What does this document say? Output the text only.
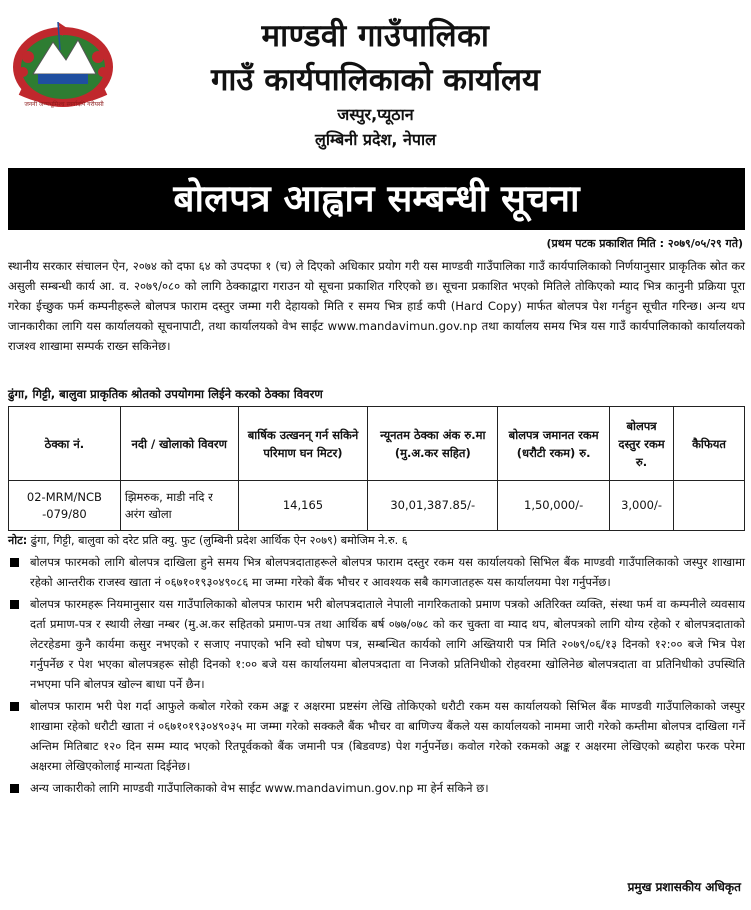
जननी जन्मभूमिश्च स्वर्गादपि गरीयसी
माण्डवी गाउँपालिका
गाउँ कार्यपालिकाको कार्यालय
जस्पुर,प्यूठान
लुम्बिनी प्रदेश, नेपाल
बोलपत्र आह्वान सम्बन्धी सूचना
(प्रथम पटक प्रकाशित मिति : २०७९/०५/२९ गते)

स्थानीय सरकार संचालन ऐन, २०७४ को दफा ६४ को उपदफा १ (च) ले दिएको अधिकार प्रयोग गरी यस माण्डवी गाउँपालिका गाउँ कार्यपालिकाको निर्णयानुसार प्राकृतिक स्रोत कर असुली सम्बन्धी कार्य आ. व. २०७९/०८० को लागि ठेक्काद्वारा गराउन यो सूचना प्रकाशित गरिएको छ। सूचना प्रकाशित भएको मितिले तोकिएको म्याद भित्र कानुनी प्रक्रिया पूरा गरेका ईच्छुक फर्म कम्पनीहरूले बोलपत्र फाराम दस्तुर जम्मा गरी देहायको मिति र समय भित्र हार्ड कपी (Hard Copy) मार्फत बोलपत्र पेश गर्नहुन सूचीत गरिन्छ। अन्य थप जानकारीका लागि यस कार्यालयको सूचनापाटी, तथा कार्यालयको वेभ साईट www.mandavimun.gov.np तथा कार्यालय समय भित्र यस गाउँ कार्यपालिकाको कार्यालयको राजश्व शाखामा सम्पर्क राख्न सकिनेछ।

ढुंगा, गिट्टी, बालुवा प्राकृतिक श्रोतको उपयोगमा लिईने करको ठेक्का विवरण
ठेक्का नं.	नदी / खोलाको विवरण	बार्षिक उत्खनन् गर्न सकिने परिमाण घन मिटर)	न्यूनतम ठेक्का अंक रु.मा (मु.अ.कर सहित)	बोलपत्र जमानत रकम (धरौटी रकम) रु.	बोलपत्र दस्तुर रकम रु.	कैफियत
02-MRM/NCB -079/80	झिमरुक, माडी नदि र अरंग खोला	14,165	30,01,387.85/-	1,50,000/-	3,000/-	
नोट: ढुंगा, गिट्टी, बालुवा को दरेट प्रति क्यु. फुट (लुम्बिनी प्रदेश आर्थिक ऐन २०७९) बमोजिम ने.रु. ६
बोलपत्र फारमको लागि बोलपत्र दाखिला हुने समय भित्र बोलपत्रदाताहरूले बोलपत्र फाराम दस्तुर रकम यस कार्यालयको सिभिल बैंक माण्डवी गाउँपालिकाको जस्पुर शाखामा रहेको आन्तरीक राजस्व खाता नं ०६७१०१९३०४९०८६ मा जम्मा गरेको बैंक भौचर र आवश्यक सबै कागजातहरू यस कार्यालयमा पेश गर्नुपर्नेछ।
बोलपत्र फारमहरू नियमानुसार यस गाउँपालिकाको बोलपत्र फाराम भरी बोलपत्रदाताले नेपाली नागरिकताको प्रमाण पत्रको अतिरिक्त व्यक्ति, संस्था फर्म वा कम्पनीले व्यवसाय दर्ता प्रमाण-पत्र र स्थायी लेखा नम्बर (मु.अ.कर सहितको प्रमाण-पत्र तथा आर्थिक बर्ष ०७७/०७८ को कर चुक्ता वा म्याद थप, बोलपत्रको लागि योग्य रहेको र बोलपत्रदाताको लेटरहेडमा कुनै कार्यमा कसुर नभएको र सजाए नपाएको भनि स्वो घोषण पत्र, सम्बन्धित कार्यको लागि अख्तियारी पत्र मिति २०७९/०६/१३ दिनको १२:०० बजे भित्र पेश गर्नुपर्नेछ र पेश भएका बोलपत्रहरू सोही दिनको १:०० बजे यस कार्यालयमा बोलपत्रदाता वा निजको प्रतिनिधीको रोहवरमा खोलिनेछ बोलपत्रदाता वा प्रतिनिधीको उपस्थिति नभएमा पनि बोलपत्र खोल्न बाधा पर्ने छैन।
बोलपत्र फाराम भरी पेश गर्दा आफुले कबोल गरेको रकम अङ्क र अक्षरमा प्रष्टसंग लेखि तोकिएको धरौटी रकम यस कार्यालयको सिभिल बैंक माण्डवी गाउँपालिकाको जस्पुर शाखामा रहेको धरौटी खाता नं ०६७१०१९३०४९०३५ मा जम्मा गरेको सक्कलै बैंक भौचर वा बाणिज्य बैंकले यस कार्यालयको नाममा जारी गरेको कम्तीमा बोलपत्र दाखिला गर्ने अन्तिम मितिबाट १२० दिन सम्म म्याद भएको रितपूर्वकको बैंक जमानी पत्र (बिडवण्ड) पेश गर्नुपर्नेछ। कवोल गरेको रकमको अङ्क र अक्षरमा लेखिएको ब्यहोरा फरक परेमा अक्षरमा लेखिएकोलाई मान्यता दिईनेछ।
अन्य जाकारीको लागि माण्डवी गाउँपालिकाको वेभ साईट www.mandavimun.gov.np मा हेर्न सकिने छ।
प्रमुख प्रशासकीय अधिकृत
